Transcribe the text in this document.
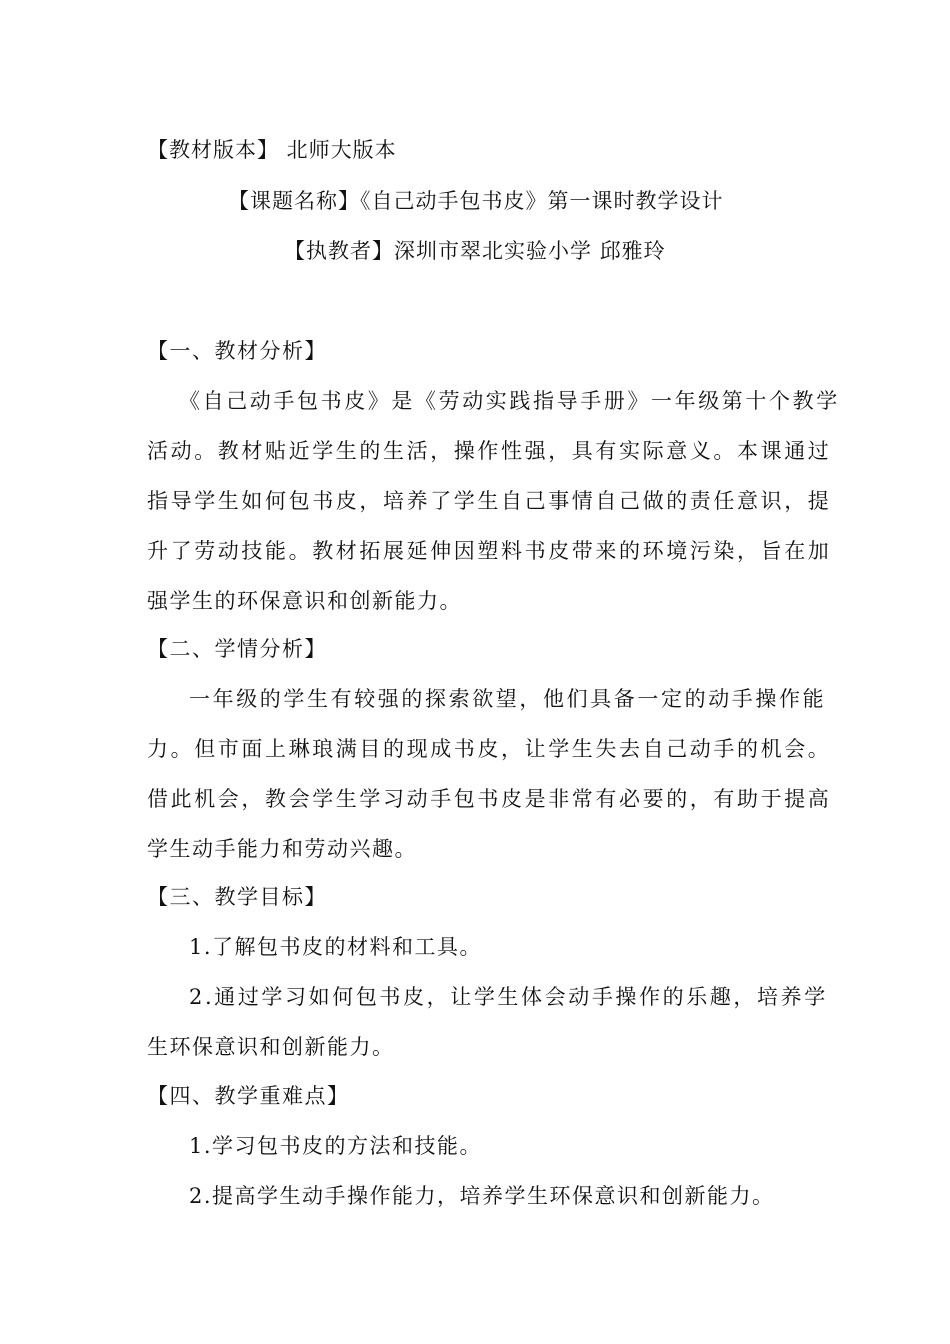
【教材版本】 北师大版本
【课题名称】《自己动手包书皮》第一课时教学设计
【执教者】深圳市翠北实验小学 邱雅玲
【一、教材分析】
《自己动手包书皮》是《劳动实践指导手册》一年级第十个教学
活动。教材贴近学生的生活，操作性强，具有实际意义。本课通过
指导学生如何包书皮，培养了学生自己事情自己做的责任意识，提
升了劳动技能。教材拓展延伸因塑料书皮带来的环境污染，旨在加
强学生的环保意识和创新能力。
【二、学情分析】
一年级的学生有较强的探索欲望，他们具备一定的动手操作能
力。但市面上琳琅满目的现成书皮，让学生失去自己动手的机会。
借此机会，教会学生学习动手包书皮是非常有必要的，有助于提高
学生动手能力和劳动兴趣。
【三、教学目标】
1.了解包书皮的材料和工具。
2.通过学习如何包书皮，让学生体会动手操作的乐趣，培养学
生环保意识和创新能力。
【四、教学重难点】
1.学习包书皮的方法和技能。
2.提高学生动手操作能力，培养学生环保意识和创新能力。
